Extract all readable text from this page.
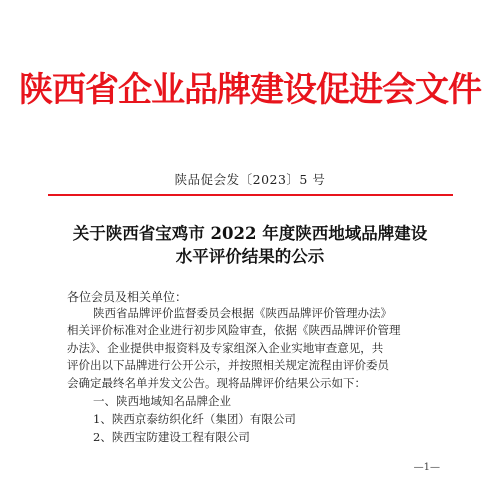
陕西省企业品牌建设促进会文件
陕品促会发〔2023〕5 号
关于陕西省宝鸡市 2022 年度陕西地域品牌建设
水平评价结果的公示
各位会员及相关单位：
陕西省品牌评价监督委员会根据《陕西品牌评价管理办法》
相关评价标准对企业进行初步风险审查，依据《陕西品牌评价管理
办法》、企业提供申报资料及专家组深入企业实地审查意见，共
评价出以下品牌进行公开公示，并按照相关规定流程由评价委员
会确定最终名单并发文公告。现将品牌评价结果公示如下：
一、陕西地域知名品牌企业
1、陕西京泰纺织化纤（集团）有限公司
2、陕西宝防建设工程有限公司
—1—
